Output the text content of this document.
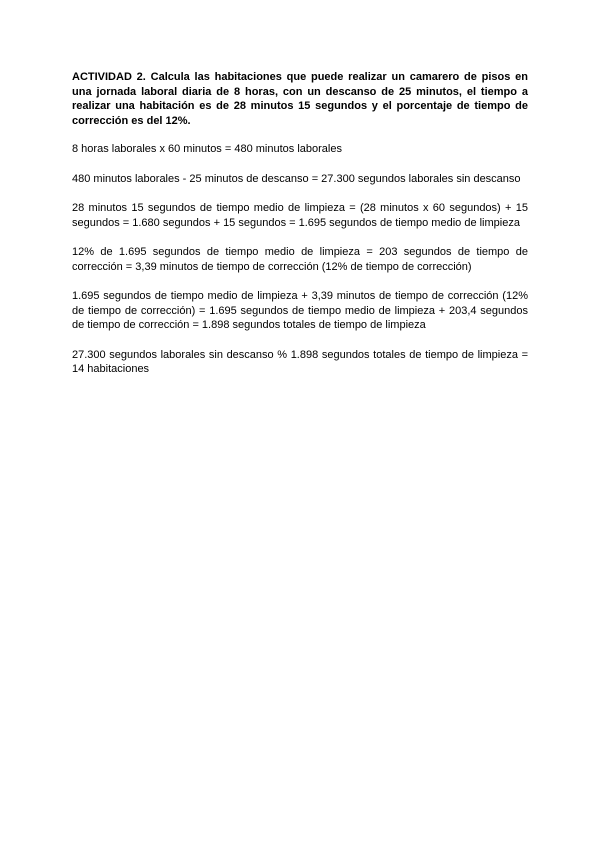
ACTIVIDAD 2. Calcula las habitaciones que puede realizar un camarero de pisos en una jornada laboral diaria de 8 horas, con un descanso de 25 minutos, el tiempo a realizar una habitación es de 28 minutos 15 segundos y el porcentaje de tiempo de corrección es del 12%.

8 horas laborales x 60 minutos = 480 minutos laborales

480 minutos laborales - 25 minutos de descanso = 27.300 segundos laborales sin descanso

28 minutos 15 segundos de tiempo medio de limpieza = (28 minutos x 60 segundos) + 15 segundos = 1.680 segundos + 15 segundos = 1.695 segundos de tiempo medio de limpieza

12% de 1.695 segundos de tiempo medio de limpieza = 203 segundos de tiempo de corrección = 3,39 minutos de tiempo de corrección (12% de tiempo de corrección)

1.695 segundos de tiempo medio de limpieza + 3,39 minutos de tiempo de corrección (12% de tiempo de corrección) = 1.695 segundos de tiempo medio de limpieza + 203,4 segundos de tiempo de corrección = 1.898 segundos totales de tiempo de limpieza

27.300 segundos laborales sin descanso % 1.898 segundos totales de tiempo de limpieza = 14 habitaciones
